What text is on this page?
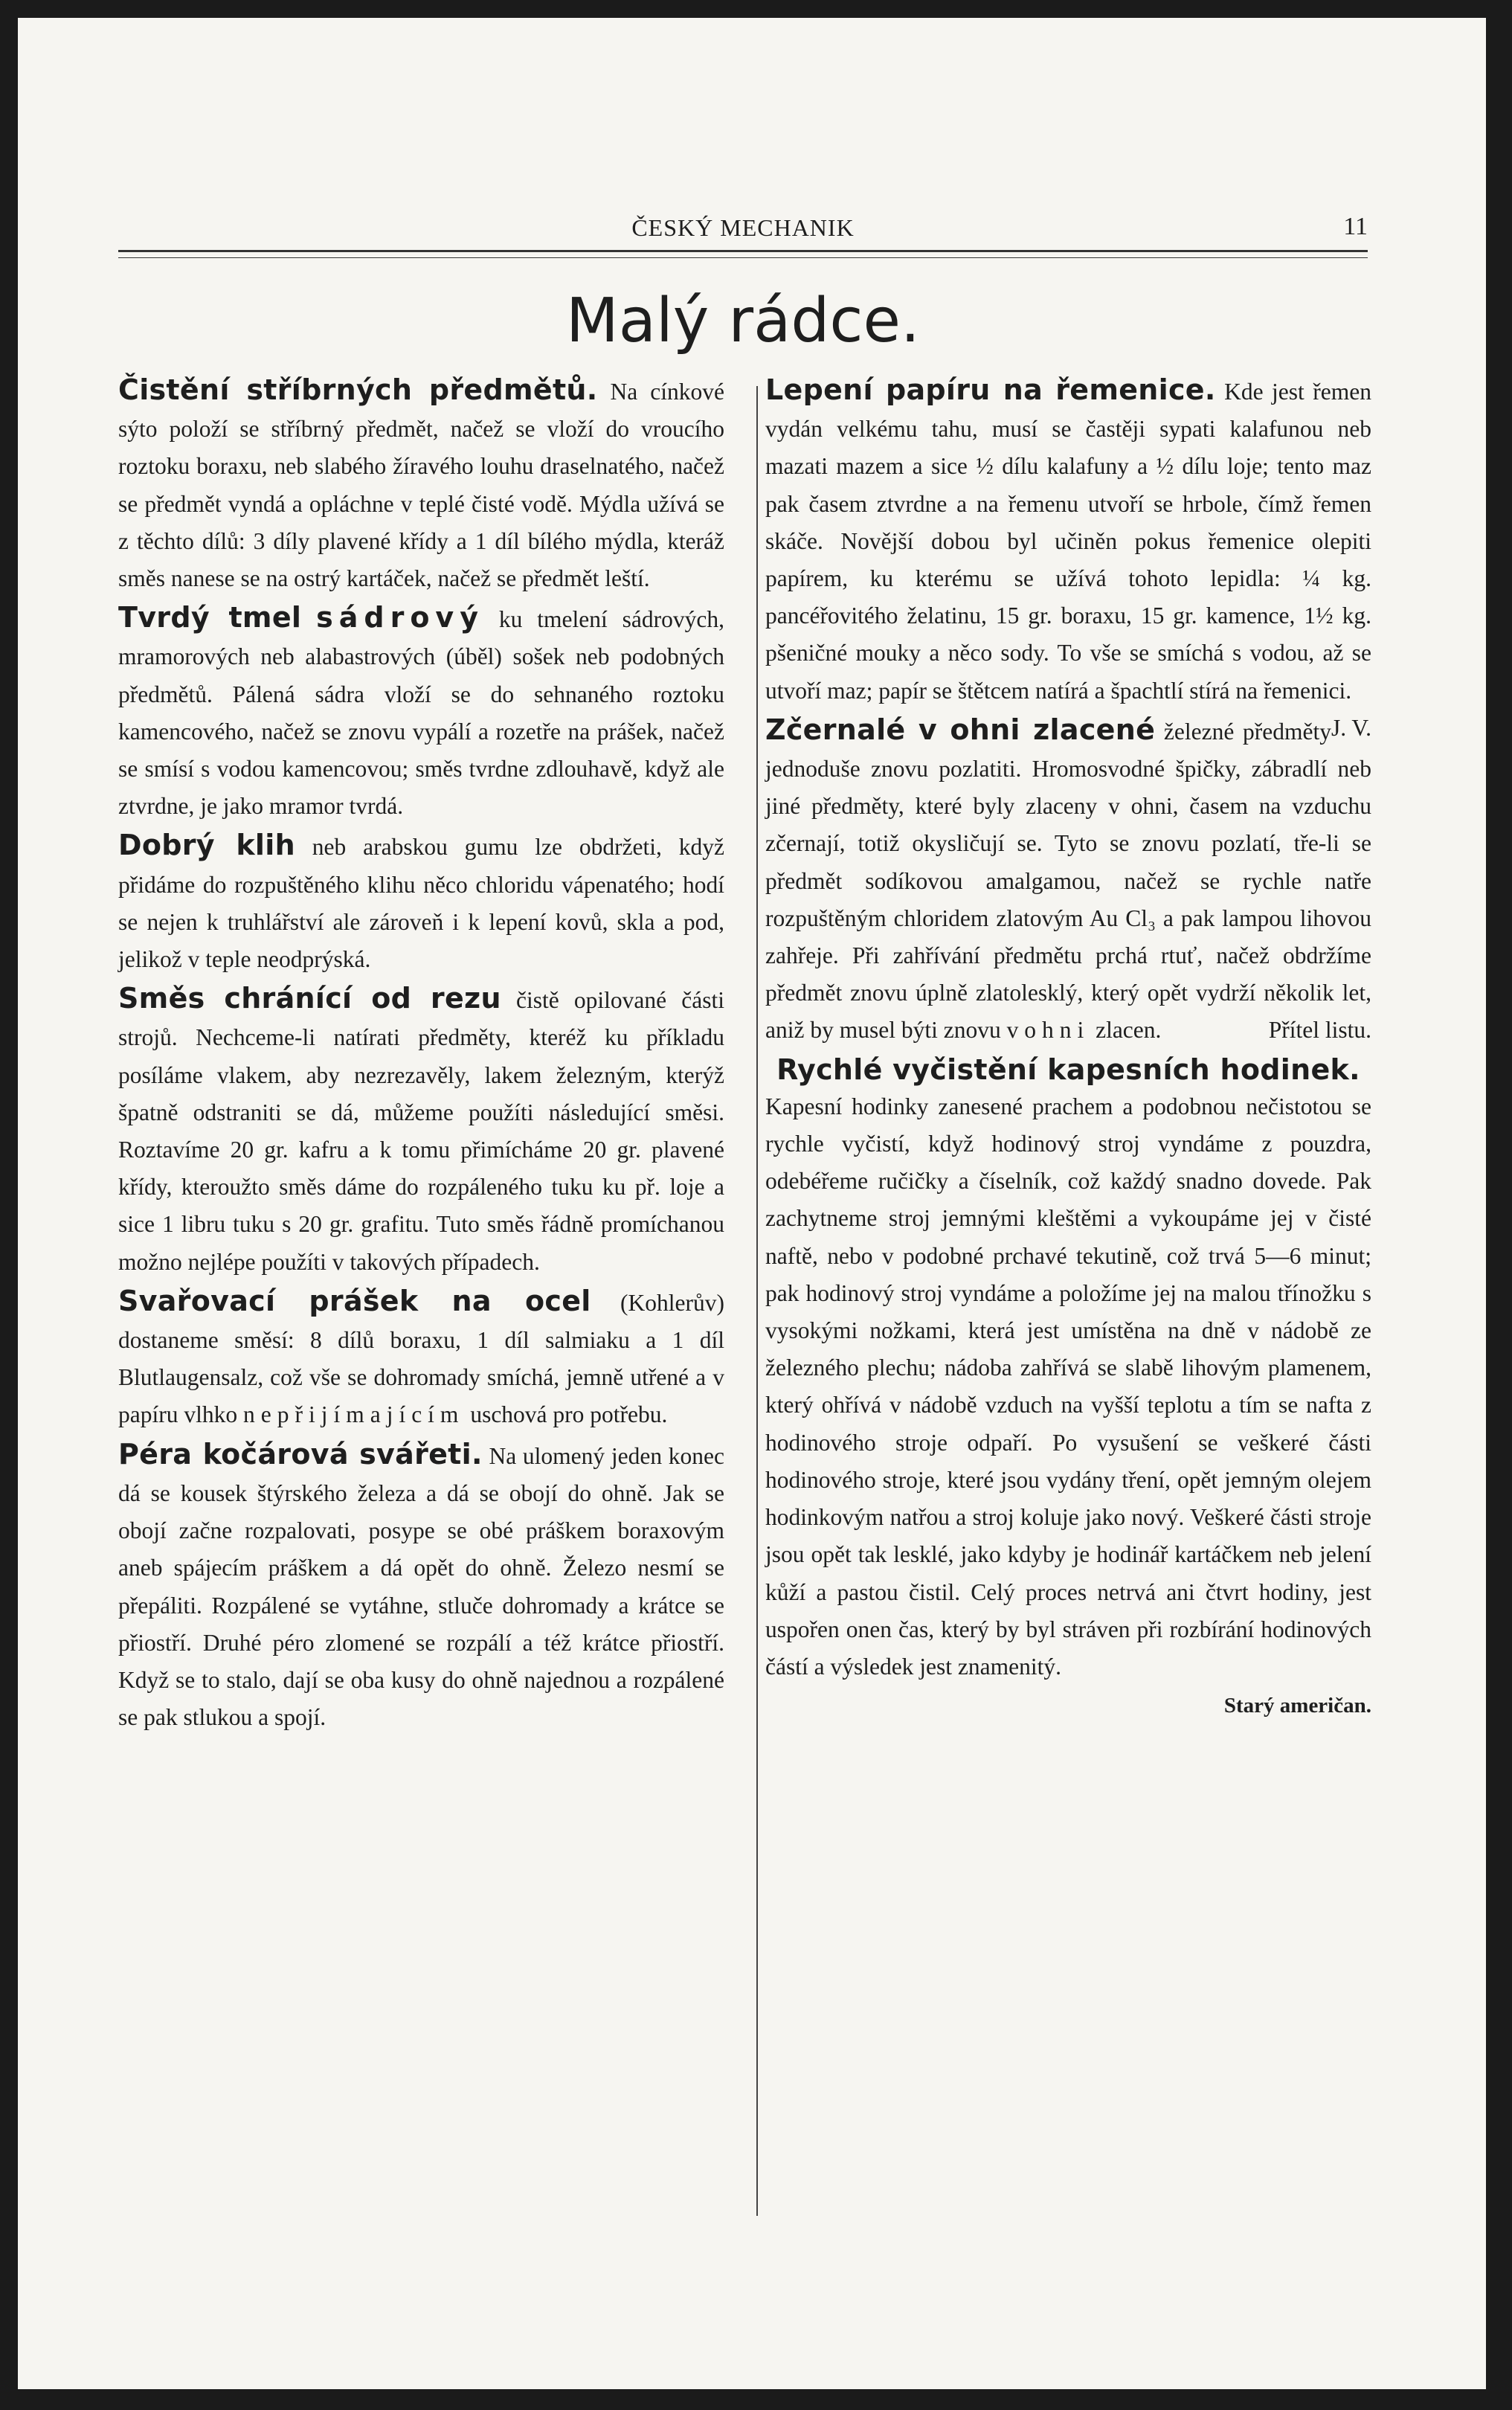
ČESKÝ MECHANIK	11
Malý rádce.

Čistění stříbrných předmětů. Na cínkové sýto položí se stříbrný předmět, načež se vloží do vroucího roztoku boraxu, neb slabého žíravého louhu draselnatého, načež se předmět vyndá a opláchne v teplé čisté vodě. Mýdla užívá se z těchto dílů: 3 díly plavené křídy a 1 díl bílého mýdla, kteráž směs nanese se na ostrý kartáček, načež se předmět leští.

Tvrdý tmel sádrový ku tmelení sádrových, mramorových neb alabastrových (úběl) sošek neb podobných předmětů. Pálená sádra vloží se do sehnaného roztoku kamencového, načež se znovu vypálí a rozetře na prášek, načež se smísí s vodou kamencovou; směs tvrdne zdlouhavě, když ale ztvrdne, je jako mramor tvrdá.

Dobrý klih neb arabskou gumu lze obdržeti, když přidáme do rozpuštěného klihu něco chloridu vápenatého; hodí se nejen k truhlářství ale zároveň i k lepení kovů, skla a pod, jelikož v teple neodprýská.

Směs chránící od rezu čistě opilované části strojů. Nechceme-li natírati předměty, kteréž ku příkladu posíláme vlakem, aby nezrezavěly, lakem železným, kterýž špatně odstraniti se dá, můžeme použíti následující směsi. Roztavíme 20 gr. kafru a k tomu přimícháme 20 gr. plavené křídy, kteroužto směs dáme do rozpáleného tuku ku př. loje a sice 1 libru tuku s 20 gr. grafitu. Tuto směs řádně promíchanou možno nejlépe použíti v takových případech.

Svařovací prášek na ocel (Kohlerův) dostaneme směsí: 8 dílů boraxu, 1 díl salmiaku a 1 díl Blutlaugensalz, což vše se dohromady smíchá, jemně utřené a v papíru vlhko nepřijímajícím uschová pro potřebu.

Péra kočárová svářeti. Na ulomený jeden konec dá se kousek štýrského železa a dá se obojí do ohně. Jak se obojí začne rozpalovati, posype se obé práškem boraxovým aneb spájecím práškem a dá opět do ohně. Železo nesmí se přepáliti. Rozpálené se vytáhne, stluče dohromady a krátce se přiostří. Druhé péro zlomené se rozpálí a též krátce přiostří. Když se to stalo, dají se oba kusy do ohně najednou a rozpálené se pak stlukou a spojí.

Lepení papíru na řemenice. Kde jest řemen vydán velkému tahu, musí se častěji sypati kalafunou neb mazati mazem a sice ½ dílu kalafuny a ½ dílu loje; tento maz pak časem ztvrdne a na řemenu utvoří se hrbole, čímž řemen skáče. Novější dobou byl učiněn pokus řemenice olepiti papírem, ku kterému se užívá tohoto lepidla: ¼ kg. pancéřovitého želatinu, 15 gr. boraxu, 15 gr. kamence, 1½ kg. pšeničné mouky a něco sody. To vše se smíchá s vodou, až se utvoří maz; papír se štětcem natírá a špachtlí stírá na řemenici.
J. V.

Zčernalé v ohni zlacené železné předměty jednoduše znovu pozlatiti. Hromosvodné špičky, zábradlí neb jiné předměty, které byly zlaceny v ohni, časem na vzduchu zčernají, totiž okysličují se. Tyto se znovu pozlatí, tře-li se předmět sodíkovou amalgamou, načež se rychle natře rozpuštěným chloridem zlatovým Au Cl₃ a pak lampou lihovou zahřeje. Při zahřívání předmětu prchá rtuť, načež obdržíme předmět znovu úplně zlatolesklý, který opět vydrží několik let, aniž by musel býti znovu v ohni zlacen.	Přítel listu.

Rychlé vyčistění kapesních hodinek.
Kapesní hodinky zanesené prachem a podobnou nečistotou se rychle vyčistí, když hodinový stroj vyndáme z pouzdra, odebéřeme ručičky a číselník, což každý snadno dovede. Pak zachytneme stroj jemnými kleštěmi a vykoupáme jej v čisté naftě, nebo v podobné prchavé tekutině, což trvá 5—6 minut; pak hodinový stroj vyndáme a položíme jej na malou třínožku s vysokými nožkami, která jest umístěna na dně v nádobě ze železného plechu; nádoba zahřívá se slabě lihovým plamenem, který ohřívá v nádobě vzduch na vyšší teplotu a tím se nafta z hodinového stroje odpaří. Po vysušení se veškeré části hodinového stroje, které jsou vydány tření, opět jemným olejem hodinkovým natřou a stroj koluje jako nový. Veškeré části stroje jsou opět tak lesklé, jako kdyby je hodinář kartáčkem neb jelení kůží a pastou čistil. Celý proces netrvá ani čtvrt hodiny, jest uspořen onen čas, který by byl stráven při rozbírání hodinových částí a výsledek jest znamenitý.
Starý američan.
